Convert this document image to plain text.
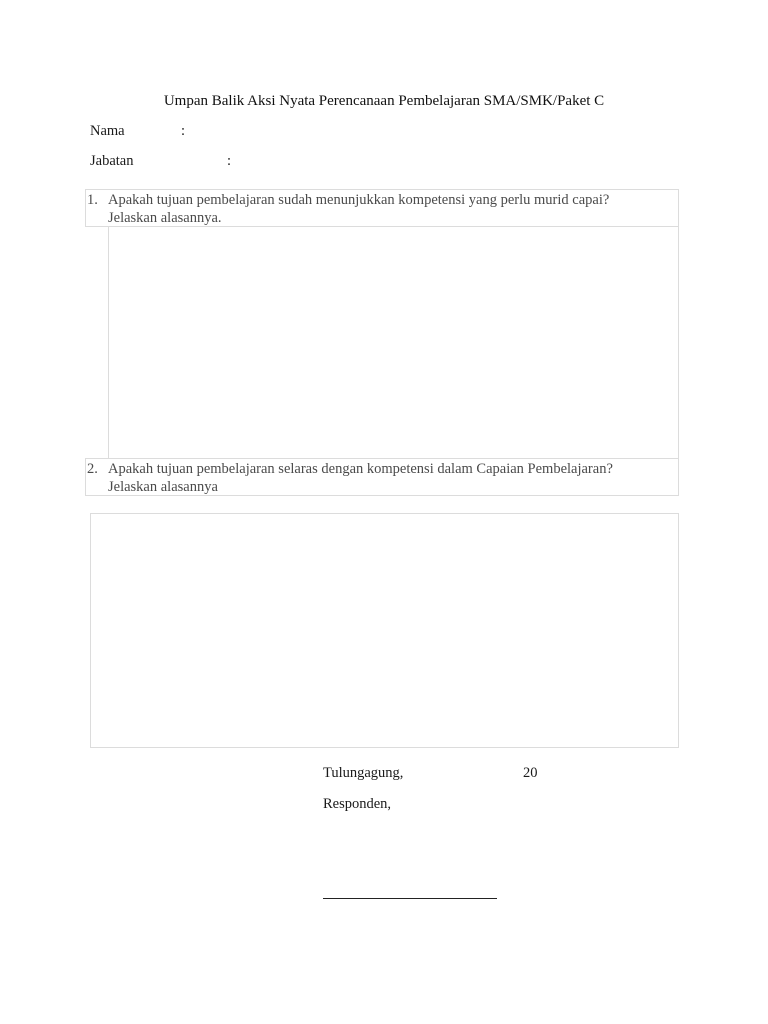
Umpan Balik Aksi Nyata Perencanaan Pembelajaran SMA/SMK/Paket C
Nama	:
Jabatan	:
1. Apakah tujuan pembelajaran sudah menunjukkan kompetensi yang perlu murid capai?
Jelaskan alasannya.
2. Apakah tujuan pembelajaran selaras dengan kompetensi dalam Capaian Pembelajaran?
Jelaskan alasannya
Tulungagung,	20
Responden,
